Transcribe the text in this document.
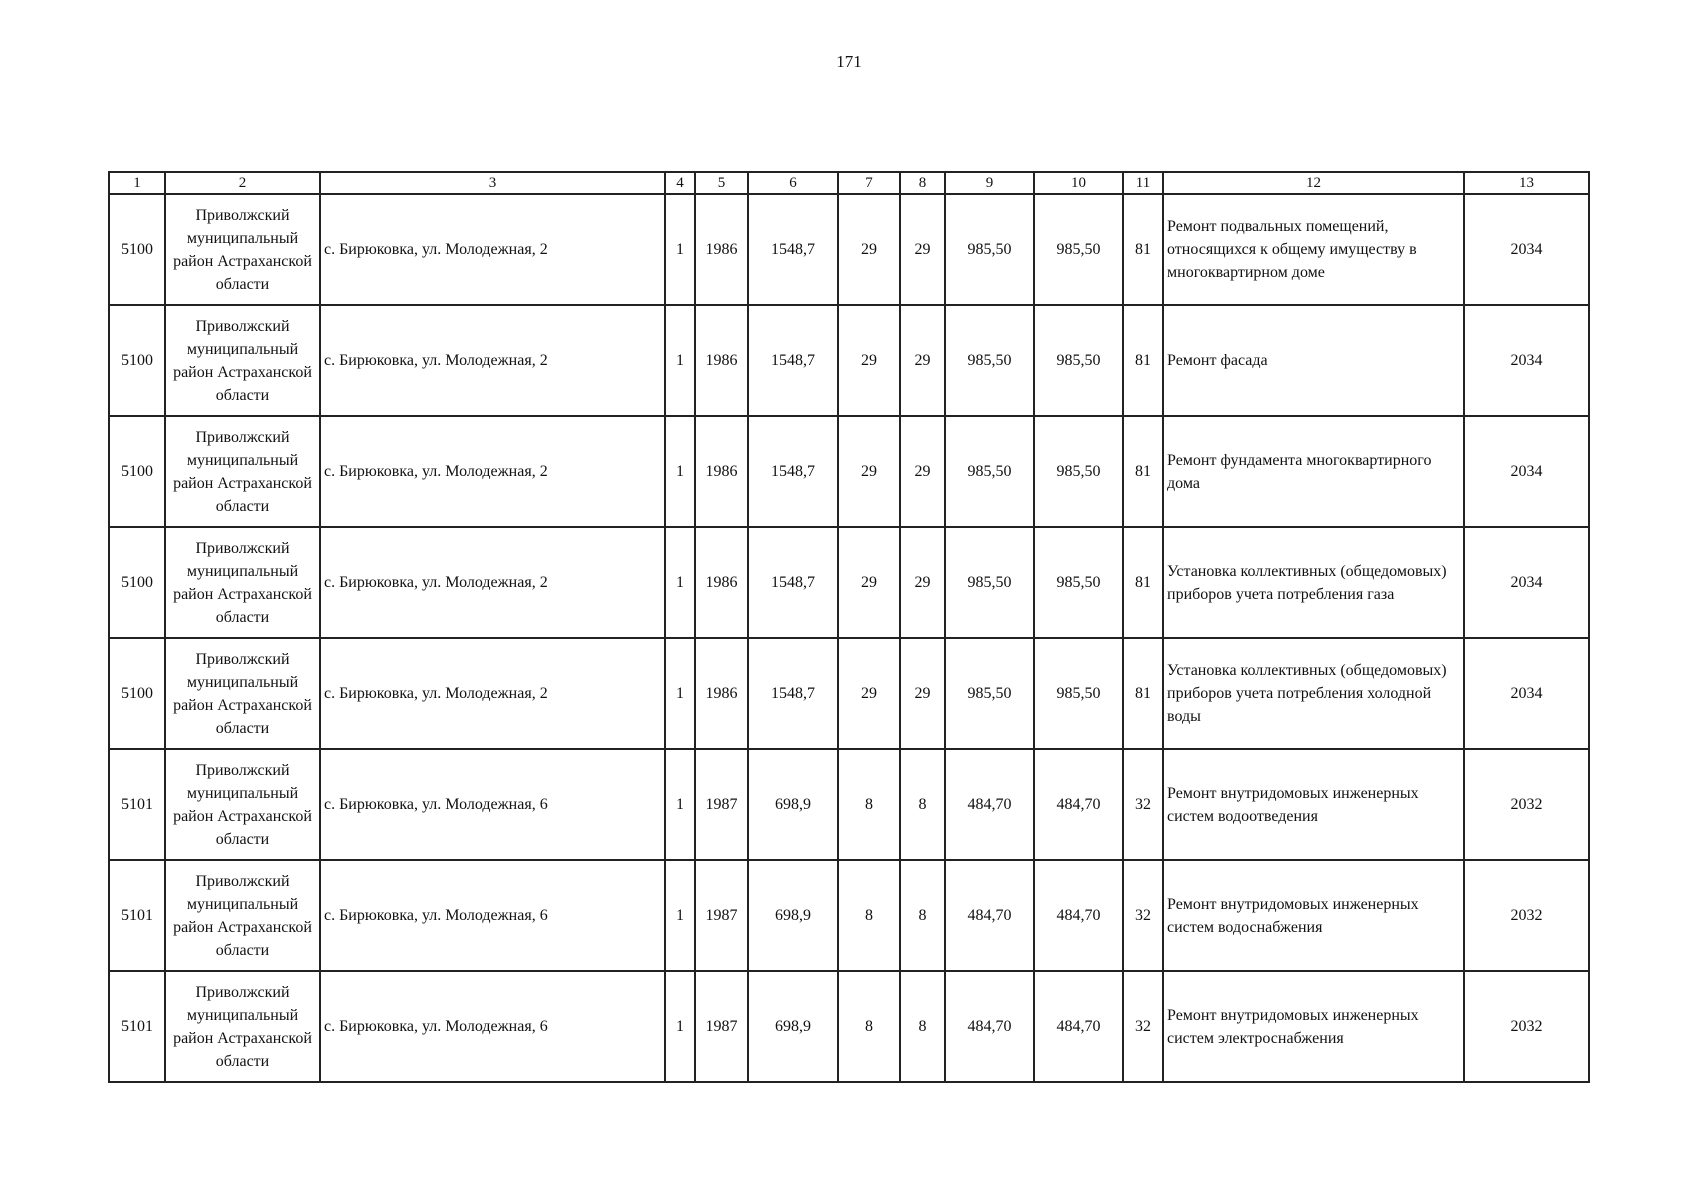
171
1	2	3	4	5	6	7	8	9	10	11	12	13
5100	Приволжский муниципальный район Астраханской области	с. Бирюковка, ул. Молодежная, 2	1	1986	1548,7	29	29	985,50	985,50	81	Ремонт подвальных помещений, относящихся к общему имуществу в многоквартирном доме	2034
5100	Приволжский муниципальный район Астраханской области	с. Бирюковка, ул. Молодежная, 2	1	1986	1548,7	29	29	985,50	985,50	81	Ремонт фасада	2034
5100	Приволжский муниципальный район Астраханской области	с. Бирюковка, ул. Молодежная, 2	1	1986	1548,7	29	29	985,50	985,50	81	Ремонт фундамента многоквартирного дома	2034
5100	Приволжский муниципальный район Астраханской области	с. Бирюковка, ул. Молодежная, 2	1	1986	1548,7	29	29	985,50	985,50	81	Установка коллективных (общедомовых) приборов учета потребления газа	2034
5100	Приволжский муниципальный район Астраханской области	с. Бирюковка, ул. Молодежная, 2	1	1986	1548,7	29	29	985,50	985,50	81	Установка коллективных (общедомовых) приборов учета потребления холодной воды	2034
5101	Приволжский муниципальный район Астраханской области	с. Бирюковка, ул. Молодежная, 6	1	1987	698,9	8	8	484,70	484,70	32	Ремонт внутридомовых инженерных систем водоотведения	2032
5101	Приволжский муниципальный район Астраханской области	с. Бирюковка, ул. Молодежная, 6	1	1987	698,9	8	8	484,70	484,70	32	Ремонт внутридомовых инженерных систем водоснабжения	2032
5101	Приволжский муниципальный район Астраханской области	с. Бирюковка, ул. Молодежная, 6	1	1987	698,9	8	8	484,70	484,70	32	Ремонт внутридомовых инженерных систем электроснабжения	2032
